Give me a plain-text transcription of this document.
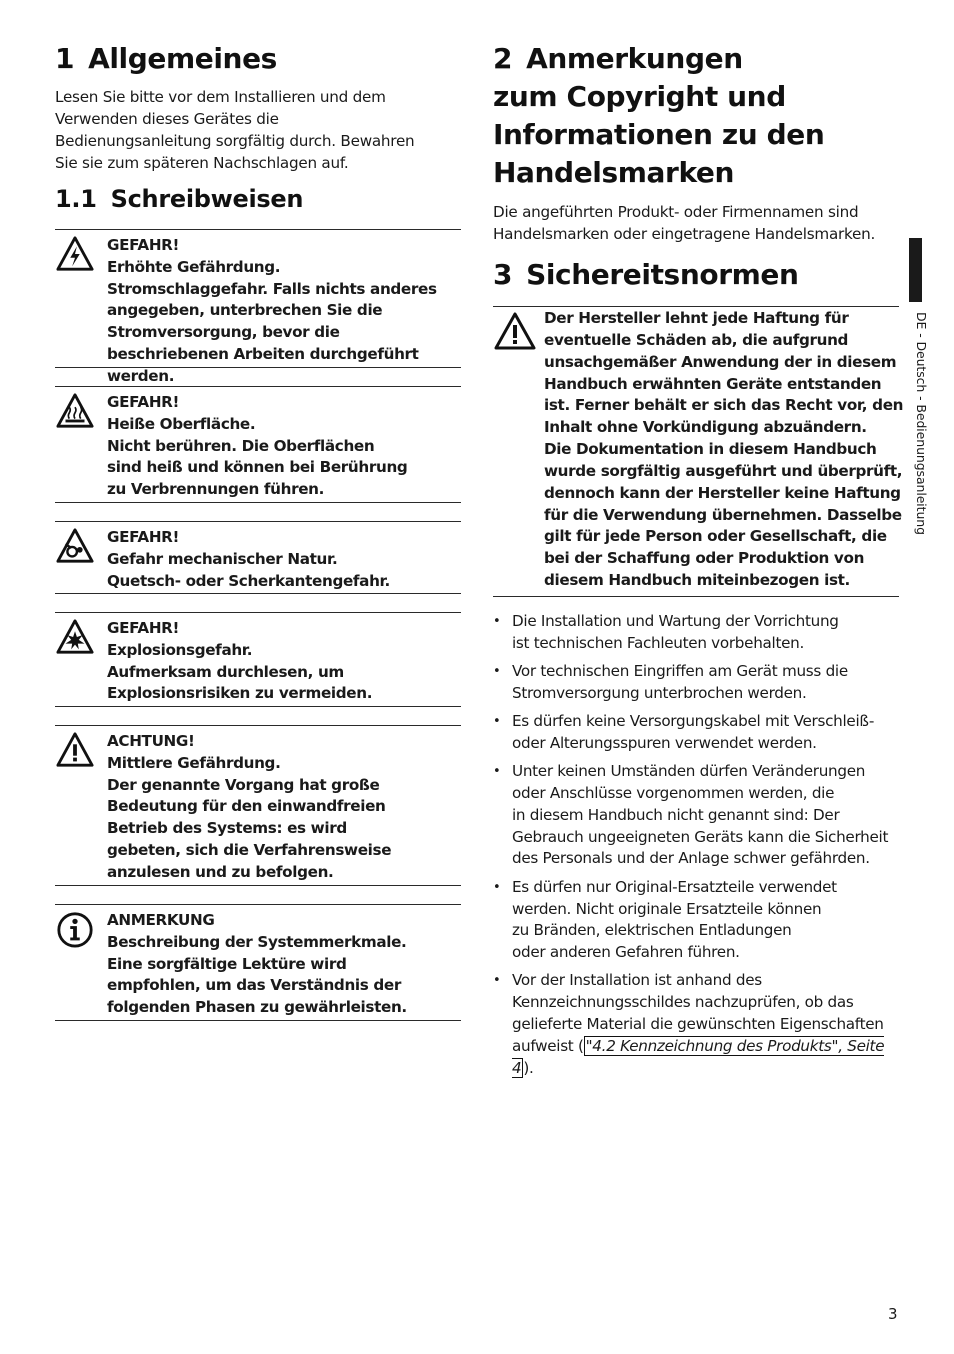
1 Allgemeines

Lesen Sie bitte vor dem Installieren und dem Verwenden dieses Gerätes die Bedienungsanleitung sorgfältig durch. Bewahren Sie sie zum späteren Nachschlagen auf.

1.1 Schreibweisen
GEFAHR!
Erhöhte Gefährdung.
Stromschlaggefahr. Falls nichts anderes angegeben, unterbrechen Sie die Stromversorgung, bevor die beschriebenen Arbeiten durchgeführt werden.
GEFAHR!
Heiße Oberfläche.
Nicht berühren. Die Oberflächen
sind heiß und können bei Berührung
zu Verbrennungen führen.
GEFAHR!
Gefahr mechanischer Natur.
Quetsch- oder Scherkantengefahr.
GEFAHR!
Explosionsgefahr.
Aufmerksam durchlesen, um
Explosionsrisiken zu vermeiden.
ACHTUNG!
Mittlere Gefährdung.
Der genannte Vorgang hat große
Bedeutung für den einwandfreien
Betrieb des Systems: es wird
gebeten, sich die Verfahrensweise
anzulesen und zu befolgen.
ANMERKUNG
Beschreibung der Systemmerkmale.
Eine sorgfältige Lektüre wird
empfohlen, um das Verständnis der
folgenden Phasen zu gewährleisten.
2 Anmerkungen
zum Copyright und
Informationen zu den
Handelsmarken

Die angeführten Produkt- oder Firmennamen sind Handelsmarken oder eingetragene Handelsmarken.

3 Sichereitsnormen
Der Hersteller lehnt jede Haftung für
eventuelle Schäden ab, die aufgrund
unsachgemäßer Anwendung der in diesem
Handbuch erwähnten Geräte entstanden
ist. Ferner behält er sich das Recht vor, den
Inhalt ohne Vorkündigung abzuändern.
Die Dokumentation in diesem Handbuch
wurde sorgfältig ausgeführt und überprüft,
dennoch kann der Hersteller keine Haftung
für die Verwendung übernehmen. Dasselbe
gilt für jede Person oder Gesellschaft, die
bei der Schaffung oder Produktion von
diesem Handbuch miteinbezogen ist.
• Die Installation und Wartung der Vorrichtung
ist technischen Fachleuten vorbehalten.
• Vor technischen Eingriffen am Gerät muss die
Stromversorgung unterbrochen werden.
• Es dürfen keine Versorgungskabel mit Verschleiß-
oder Alterungsspuren verwendet werden.
• Unter keinen Umständen dürfen Veränderungen
oder Anschlüsse vorgenommen werden, die
in diesem Handbuch nicht genannt sind: Der
Gebrauch ungeeigneten Geräts kann die Sicherheit
des Personals und der Anlage schwer gefährden.
• Es dürfen nur Original-Ersatzteile verwendet
werden. Nicht originale Ersatzteile können
zu Bränden, elektrischen Entladungen
oder anderen Gefahren führen.
• Vor der Installation ist anhand des
Kennzeichnungsschildes nachzuprüfen, ob das
gelieferte Material die gewünschten Eigenschaften
aufweist ( "4.2 Kennzeichnung des Produkts", Seite 4 ).
DE - Deutsch - Bedienungsanleitung
3
